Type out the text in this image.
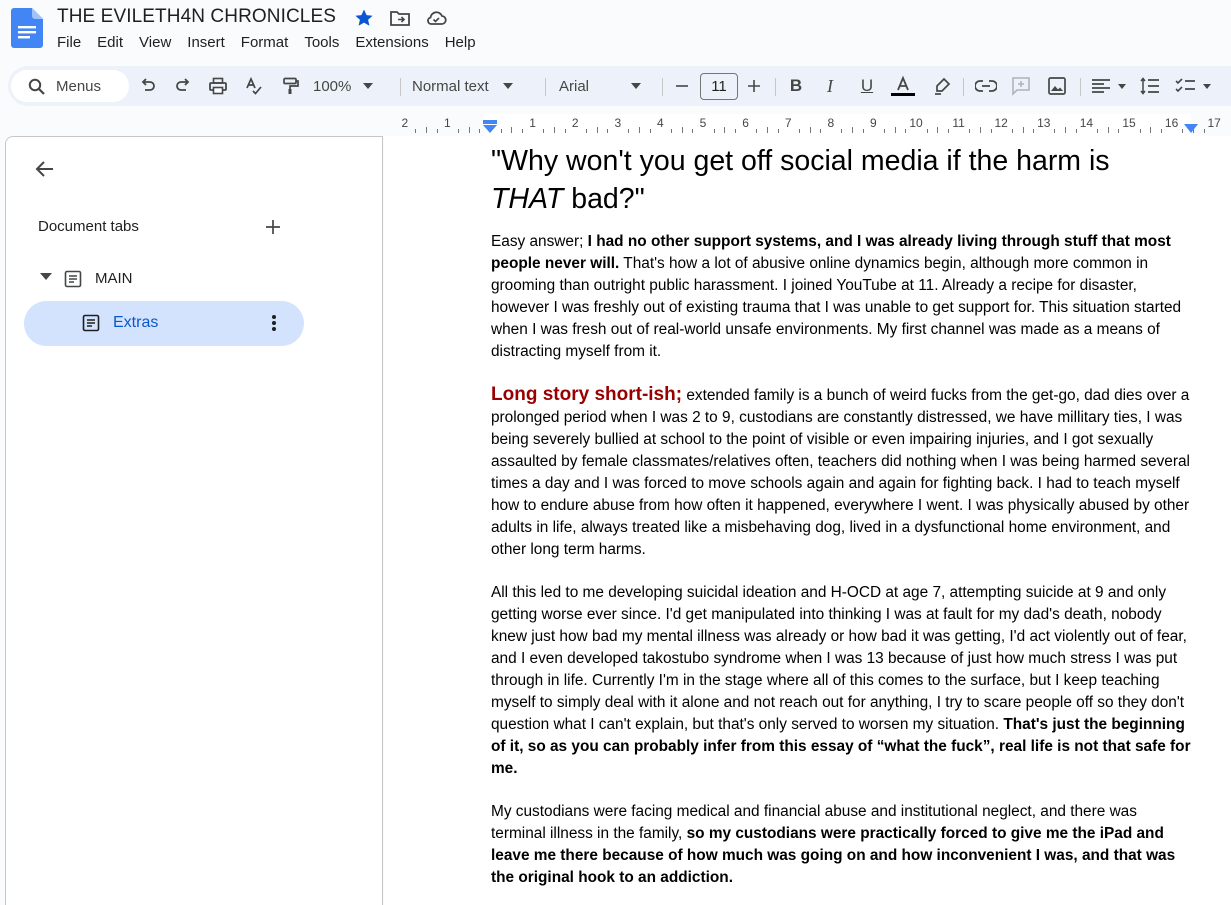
THE EVILETH4N CHRONICLES
File	Edit	View	Insert	Format	Tools	Extensions	Help
Menus	100%	Normal text	Arial	B	I	U
11
2	1	1	2	3	4	5	6	7	8	9	10 11 12 13 14 15 16 17
Document tabs
MAIN
Extras
"Why won't you get off social media if the harm is
THAT bad?"
Easy answer; I had no other support systems, and I was already living through stuff that most people never will. That's how a lot of abusive online dynamics begin, although more common in grooming than outright public harassment. I joined YouTube at 11. Already a recipe for disaster, however I was freshly out of existing trauma that I was unable to get support for. This situation started when I was fresh out of real-world unsafe environments. My first channel was made as a means of distracting myself from it.
Long story short-ish; extended family is a bunch of weird fucks from the get-go, dad dies over a prolonged period when I was 2 to 9, custodians are constantly distressed, we have millitary ties, I was being severely bullied at school to the point of visible or even impairing injuries, and I got sexually assaulted by female classmates/relatives often, teachers did nothing when I was being harmed several times a day and I was forced to move schools again and again for fighting back. I had to teach myself how to endure abuse from how often it happened, everywhere I went. I was physically abused by other adults in life, always treated like a misbehaving dog, lived in a dysfunctional home environment, and other long term harms.
All this led to me developing suicidal ideation and H-OCD at age 7, attempting suicide at 9 and only getting worse ever since. I'd get manipulated into thinking I was at fault for my dad's death, nobody knew just how bad my mental illness was already or how bad it was getting, I'd act violently out of fear, and I even developed takostubo syndrome when I was 13 because of just how much stress I was put through in life. Currently I'm in the stage where all of this comes to the surface, but I keep teaching myself to simply deal with it alone and not reach out for anything, I try to scare people off so they don't question what I can't explain, but that's only served to worsen my situation. That's just the beginning of it, so as you can probably infer from this essay of “what the fuck”, real life is not that safe for me.
My custodians were facing medical and financial abuse and institutional neglect, and there was terminal illness in the family, so my custodians were practically forced to give me the iPad and leave me there because of how much was going on and how inconvenient I was, and that was the original hook to an addiction.
